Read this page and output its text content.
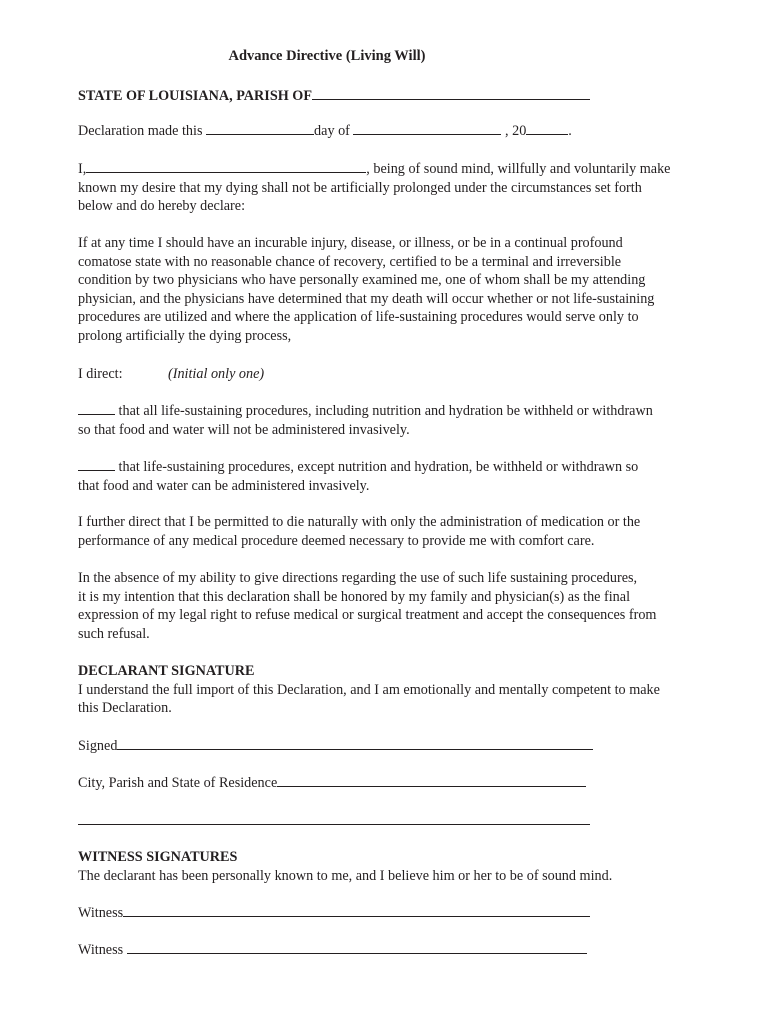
Advance Directive (Living Will)
STATE OF LOUISIANA, PARISH OF
Declaration made this	day of	, 20	.
I,	, being of sound mind, willfully and voluntarily make
known my desire that my dying shall not be artificially prolonged under the circumstances set forth
below and do hereby declare:
If at any time I should have an incurable injury, disease, or illness, or be in a continual profound
comatose state with no reasonable chance of recovery, certified to be a terminal and irreversible
condition by two physicians who have personally examined me, one of whom shall be my attending
physician, and the physicians have determined that my death will occur whether or not life-sustaining
procedures are utilized and where the application of life-sustaining procedures would serve only to
prolong artificially the dying process,
I direct:	(Initial only one)
that all life-sustaining procedures, including nutrition and hydration be withheld or withdrawn
so that food and water will not be administered invasively.
that life-sustaining procedures, except nutrition and hydration, be withheld or withdrawn so
that food and water can be administered invasively.
I further direct that I be permitted to die naturally with only the administration of medication or the
performance of any medical procedure deemed necessary to provide me with comfort care.
In the absence of my ability to give directions regarding the use of such life sustaining procedures,
it is my intention that this declaration shall be honored by my family and physician(s) as the final
expression of my legal right to refuse medical or surgical treatment and accept the consequences from
such refusal.
DECLARANT SIGNATURE
I understand the full import of this Declaration, and I am emotionally and mentally competent to make
this Declaration.
Signed
City, Parish and State of Residence
WITNESS SIGNATURES
The declarant has been personally known to me, and I believe him or her to be of sound mind.
Witness
Witness
